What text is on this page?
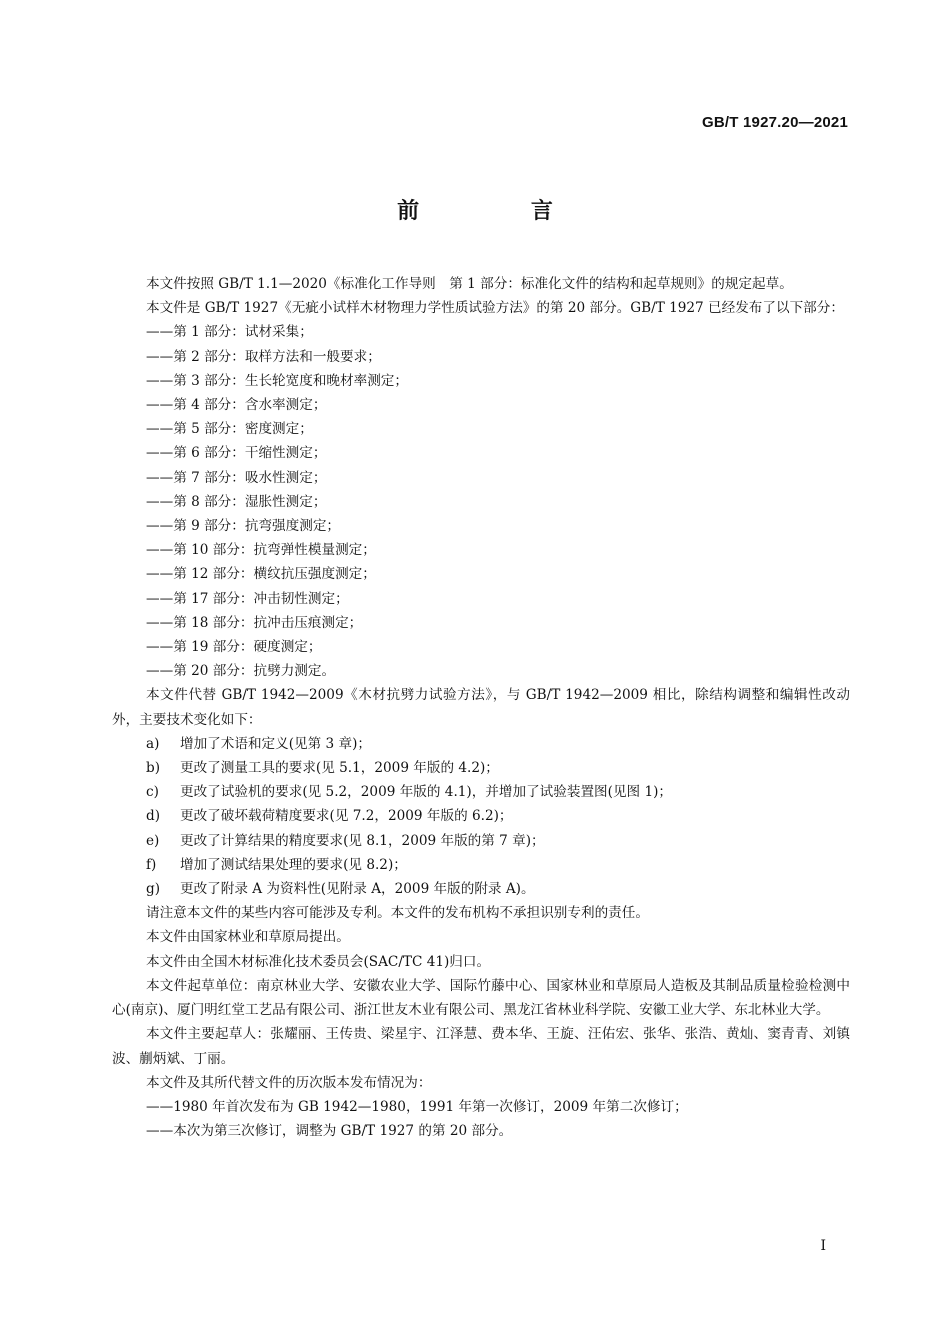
GB/T 1927.20—2021
前 言

本文件按照 GB/T 1.1—2020《标准化工作导则　第 1 部分：标准化文件的结构和起草规则》的规定起草。

本文件是 GB/T 1927《无疵小试样木材物理力学性质试验方法》的第 20 部分。GB/T 1927 已经发布了以下部分：

——第 1 部分：试材采集；

——第 2 部分：取样方法和一般要求；

——第 3 部分：生长轮宽度和晚材率测定；

——第 4 部分：含水率测定；

——第 5 部分：密度测定；

——第 6 部分：干缩性测定；

——第 7 部分：吸水性测定；

——第 8 部分：湿胀性测定；

——第 9 部分：抗弯强度测定；

——第 10 部分：抗弯弹性模量测定；

——第 12 部分：横纹抗压强度测定；

——第 17 部分：冲击韧性测定；

——第 18 部分：抗冲击压痕测定；

——第 19 部分：硬度测定；

——第 20 部分：抗劈力测定。

本文件代替 GB/T 1942—2009《木材抗劈力试验方法》，与 GB/T 1942—2009 相比，除结构调整和编辑性改动外，主要技术变化如下：

a)	增加了术语和定义(见第 3 章)；

b)	更改了测量工具的要求(见 5.1，2009 年版的 4.2)；

c)	更改了试验机的要求(见 5.2，2009 年版的 4.1)，并增加了试验装置图(见图 1)；

d)	更改了破坏载荷精度要求(见 7.2，2009 年版的 6.2)；

e)	更改了计算结果的精度要求(见 8.1，2009 年版的第 7 章)；

f)	增加了测试结果处理的要求(见 8.2)；

g)	更改了附录 A 为资料性(见附录 A，2009 年版的附录 A)。

请注意本文件的某些内容可能涉及专利。本文件的发布机构不承担识别专利的责任。

本文件由国家林业和草原局提出。

本文件由全国木材标准化技术委员会(SAC/TC 41)归口。

本文件起草单位：南京林业大学、安徽农业大学、国际竹藤中心、国家林业和草原局人造板及其制品质量检验检测中心(南京)、厦门明红堂工艺品有限公司、浙江世友木业有限公司、黑龙江省林业科学院、安徽工业大学、东北林业大学。

本文件主要起草人：张耀丽、王传贵、梁星宇、江泽慧、费本华、王旋、汪佑宏、张华、张浩、黄灿、窦青青、刘镇波、蒯炳斌、丁丽。

本文件及其所代替文件的历次版本发布情况为：

——1980 年首次发布为 GB 1942—1980，1991 年第一次修订，2009 年第二次修订；

——本次为第三次修订，调整为 GB/T 1927 的第 20 部分。

I
